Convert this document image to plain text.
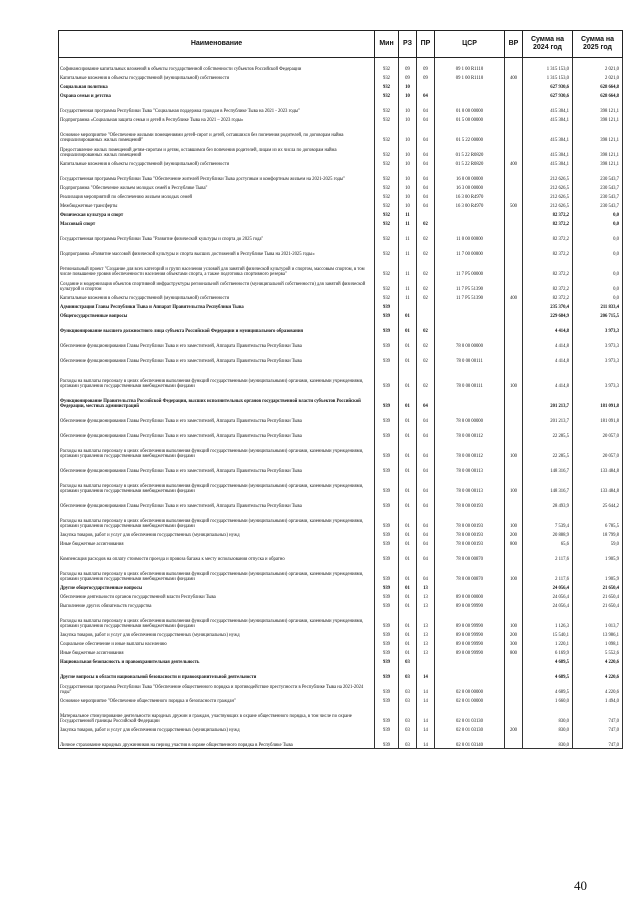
Наименование	Мин	РЗ	ПР	ЦСР	ВР	Сумма на 2024 год	Сумма на 2025 год
Софинансирование капитальных вложений в объекты государственной собственности субъектов Российской Федерации	932	09	09	09 1 00 R1110		1 315 153,0	2 021,0
Капитальные вложения в объекты государственной (муниципальной) собственности	932	09	09	09 1 00 R1110	400	1 315 153,0	2 021,0
Социальная политика	932	10				627 930,6	628 664,8
Охрана семьи и детства	932	10	04			627 930,6	628 664,8
Государственная программа Республики Тыва "Социальная поддержка граждан в Республике Тыва на 2021 - 2023 годы"	932	10	04	01 0 00 00000		415 304,1	398 121,1
Подпрограмма «Социальная защита семьи и детей в Республике Тыва на 2021 – 2023 годы»	932	10	04	01 5 00 00000		415 304,1	398 121,1
Основное мероприятие "Обеспечение жилыми помещениями детей-сирот и детей, оставшихся без попечения родителей, по договорам найма специализированных жилых помещений"	932	10	04	01 5 22 00000		415 304,1	398 121,1
Предоставление жилых помещений детям-сиротам и детям, оставшимся без попечения родителей, лицам из их числа по договорам найма специализированных жилых помещений	932	10	04	01 5 22 R0820		415 304,1	398 121,1
Капитальные вложения в объекты государственной (муниципальной) собственности	932	10	04	01 5 22 R0820	400	415 304,1	398 121,1
Государственная программа Республики Тыва "Обеспечение жителей Республики Тыва доступным и комфортным жильем на 2021-2025 годы"	932	10	04	16 0 00 00000		212 626,5	230 543,7
Подпрограмма "Обеспечение жильем молодых семей в Республике Тыва"	932	10	04	16 3 00 00000		212 626,5	230 543,7
Реализация мероприятий по обеспечению жильем молодых семей	932	10	04	16 3 00 R4970		212 626,5	230 543,7
Межбюджетные трансферты	932	10	04	16 3 00 R4970	500	212 626,5	230 543,7
Физическая культура и спорт	932	11				82 372,2	0,0
Массовый спорт	932	11	02			82 372,2	0,0
Государственная программа Республики Тыва "Развитие физической культуры и спорта до 2025 года"	932	11	02	11 0 00 00000		82 372,2	0,0
Подпрограмма «Развитие массовой физической культуры и спорта высших достижений в Республике Тыва на 2021-2025 годы»	932	11	02	11 7 00 00000		82 372,2	0,0
Региональный проект "Создание для всех категорий и групп населения условий для занятий физической культурой и спортом, массовым спортом, в том числе повышение уровня обеспеченности населения объектами спорта, а также подготовка спортивного резерва"	932	11	02	11 7 P5 00000		82 372,2	0,0
Создание и модернизация объектов спортивной инфраструктуры региональной собственности (муниципальной собственности) для занятий физической культурой и спортом	932	11	02	11 7 P5 51390		82 372,2	0,0
Капитальные вложения в объекты государственной (муниципальной) собственности	932	11	02	11 7 P5 51390	400	82 372,2	0,0
Администрация Главы Республики Тыва и Аппарат Правительства Республики Тыва	939					235 370,4	211 833,4
Общегосударственные вопросы	939	01				229 684,9	206 715,5
Функционирование высшего должностного лица субъекта Российской Федерации и муниципального образования	939	01	02			4 414,8	3 973,3
Обеспечение функционирования Главы Республики Тыва и его заместителей, Аппарата Правительства Республики Тыва	939	01	02	78 0 00 00000		4 414,8	3 973,3
Обеспечение функционирования Главы Республики Тыва и его заместителей, Аппарата Правительства Республики Тыва	939	01	02	78 0 00 00111		4 414,8	3 973,3
Расходы на выплаты персоналу в целях обеспечения выполнения функций государственными (муниципальными) органами, казенными учреждениями, органами управления государственными внебюджетными фондами	939	01	02	78 0 00 00111	100	4 414,8	3 973,3
Функционирование Правительства Российской Федерации, высших исполнительных органов государственной власти субъектов Российской Федерации, местных администраций	939	01	04			201 213,7	181 091,8
Обеспечение функционирования Главы Республики Тыва и его заместителей, Аппарата Правительства Республики Тыва	939	01	04	78 0 00 00000		201 213,7	181 091,8
Обеспечение функционирования Главы Республики Тыва и его заместителей, Аппарата Правительства Республики Тыва	939	01	04	78 0 00 00112		22 285,5	20 057,0
Расходы на выплаты персоналу в целях обеспечения выполнения функций государственными (муниципальными) органами, казенными учреждениями, органами управления государственными внебюджетными фондами	939	01	04	78 0 00 00112	100	22 285,5	20 057,0
Обеспечение функционирования Главы Республики Тыва и его заместителей, Аппарата Правительства Республики Тыва	939	01	04	78 0 00 00113		148 316,7	133 484,8
Расходы на выплаты персоналу в целях обеспечения выполнения функций государственными (муниципальными) органами, казенными учреждениями, органами управления государственными внебюджетными фондами	939	01	04	78 0 00 00113	100	148 316,7	133 484,8
Обеспечение функционирования Главы Республики Тыва и его заместителей, Аппарата Правительства Республики Тыва	939	01	04	78 0 00 00193		28 493,9	25 644,2
Расходы на выплаты персоналу в целях обеспечения выполнения функций государственными (муниципальными) органами, казенными учреждениями, органами управления государственными внебюджетными фондами	939	01	04	78 0 00 00193	100	7 539,4	6 785,5
Закупка товаров, работ и услуг для обеспечения государственных (муниципальных) нужд	939	01	04	78 0 00 00193	200	20 888,9	18 799,8
Иные бюджетные ассигнования	939	01	04	78 0 00 00193	800	65,6	59,0
Компенсация расходов на оплату стоимости проезда и провоза багажа к месту использования отпуска и обратно	939	01	04	78 0 00 00870		2 117,6	1 905,9
Расходы на выплаты персоналу в целях обеспечения выполнения функций государственными (муниципальными) органами, казенными учреждениями, органами управления государственными внебюджетными фондами	939	01	04	78 0 00 00870	100	2 117,6	1 905,9
Другие общегосударственные вопросы	939	01	13			24 056,4	21 650,4
Обеспечение деятельности органов государственной власти Республики Тыва	939	01	13	89 0 00 00000		24 056,4	21 650,4
Выполнение других обязательств государства	939	01	13	89 0 00 99990		24 056,4	21 650,4
Расходы на выплаты персоналу в целях обеспечения выполнения функций государственными (муниципальными) органами, казенными учреждениями, органами управления государственными внебюджетными фондами	939	01	13	89 0 00 99990	100	1 126,3	1 013,7
Закупка товаров, работ и услуг для обеспечения государственных (муниципальных) нужд	939	01	13	89 0 00 99990	200	15 540,1	13 986,1
Социальное обеспечение и иные выплаты населению	939	01	13	89 0 00 99990	300	1 220,1	1 098,1
Иные бюджетные ассигнования	939	01	13	89 0 00 99990	800	6 169,9	5 552,6
Национальная безопасность и правоохранительная деятельность	939	03				4 689,5	4 220,6
Другие вопросы в области национальной безопасности и правоохранительной деятельности	939	03	14			4 689,5	4 220,6
Государственная программа Республики Тыва "Обеспечение общественного порядка и противодействие преступности в Республике Тыва на 2021-2024 годы"	939	03	14	02 0 00 00000		4 689,5	4 220,6
Основное мероприятие "Обеспечение общественного порядка и безопасности граждан"	939	03	14	02 0 01 00000		1 660,0	1 494,0
Материальное стимулирование деятельности народных дружин и граждан, участвующих в охране общественного порядка, в том числе по охране Государственной границы Российской Федерации	939	03	14	02 0 01 03130		830,0	747,0
Закупка товаров, работ и услуг для обеспечения государственных (муниципальных) нужд	939	03	14	02 0 01 03130	200	830,0	747,0
Личное страхование народных дружинников на период участия в охране общественного порядка в Республике Тыва	939	03	14	02 0 01 03140		830,0	747,0
40
